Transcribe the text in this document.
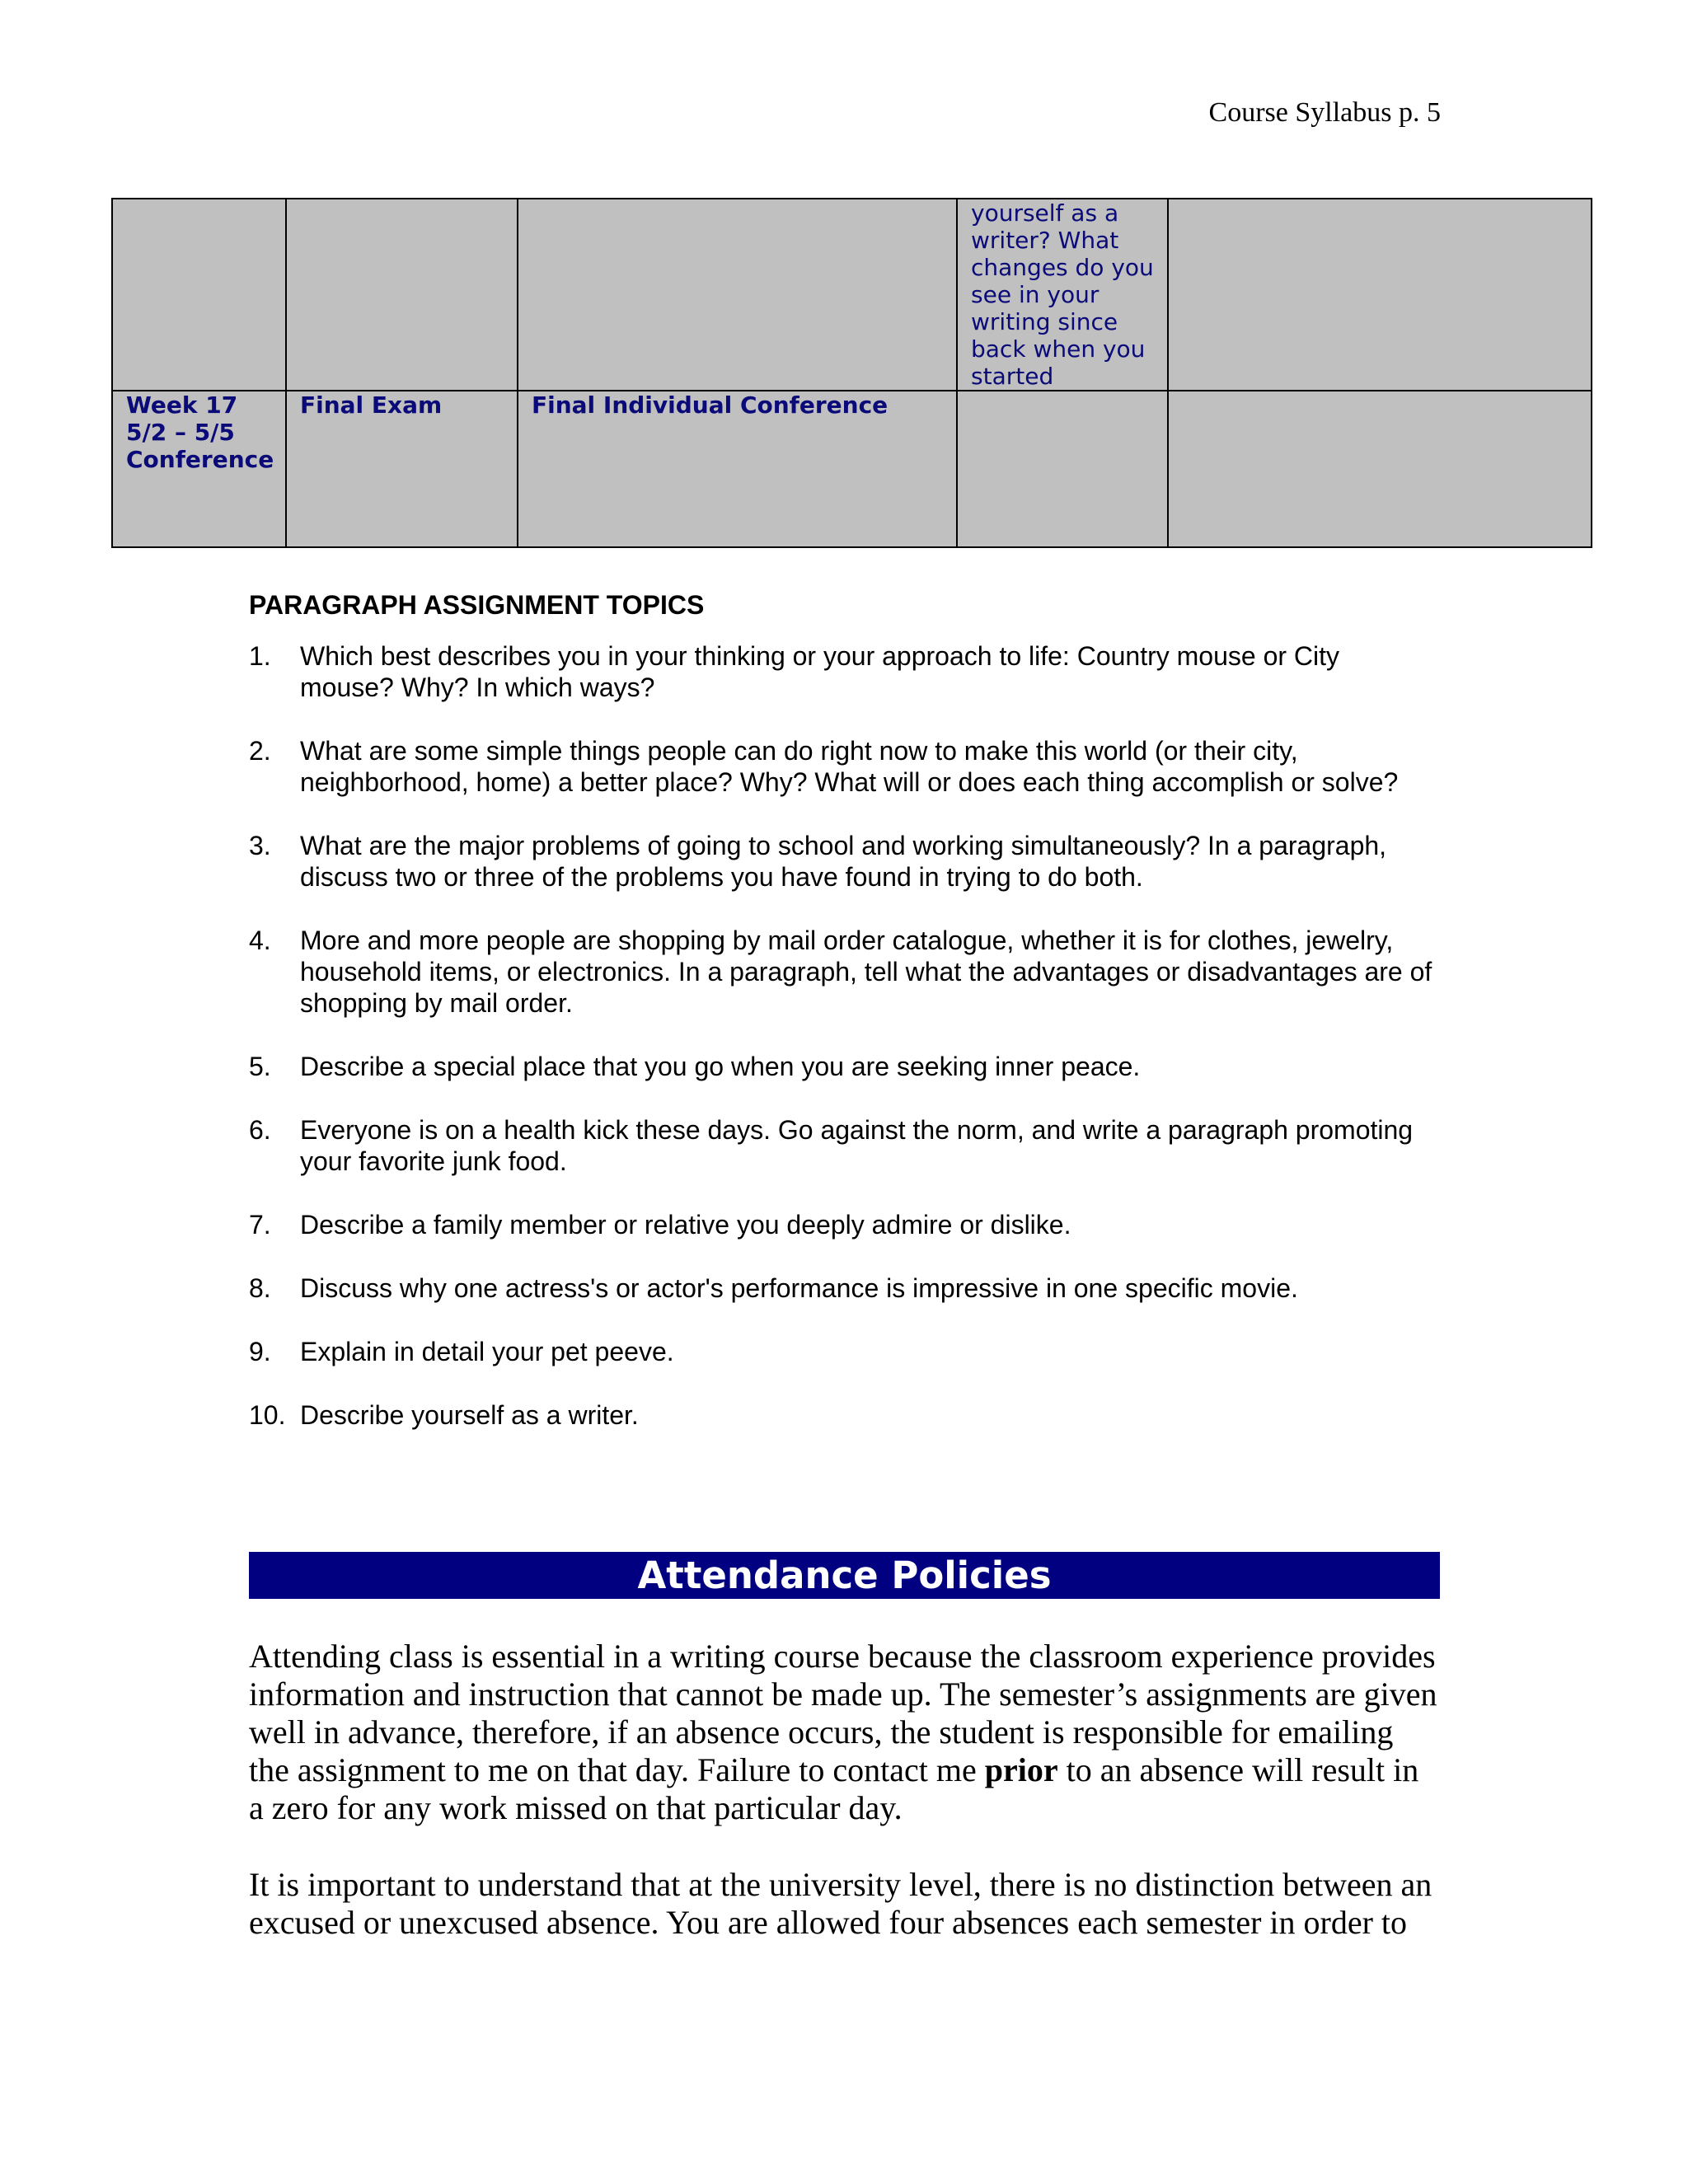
Course Syllabus p. 5

			yourself as a writer? What changes do you see in your writing since back when you started	

Week 17
5/2 – 5/5
Conference	Final Exam	Final Individual Conference		

PARAGRAPH ASSIGNMENT TOPICS
1. Which best describes you in your thinking or your approach to life: Country mouse or City mouse? Why? In which ways?
2. What are some simple things people can do right now to make this world (or their city, neighborhood, home) a better place? Why? What will or does each thing accomplish or solve?
3. What are the major problems of going to school and working simultaneously? In a paragraph, discuss two or three of the problems you have found in trying to do both.
4. More and more people are shopping by mail order catalogue, whether it is for clothes, jewelry, household items, or electronics. In a paragraph, tell what the advantages or disadvantages are of shopping by mail order.
5. Describe a special place that you go when you are seeking inner peace.
6. Everyone is on a health kick these days. Go against the norm, and write a paragraph promoting your favorite junk food.
7. Describe a family member or relative you deeply admire or dislike.
8. Discuss why one actress's or actor's performance is impressive in one specific movie.
9. Explain in detail your pet peeve.
10. Describe yourself as a writer.
Attendance Policies

Attending class is essential in a writing course because the classroom experience provides information and instruction that cannot be made up. The semester’s assignments are given well in advance, therefore, if an absence occurs, the student is responsible for emailing the assignment to me on that day. Failure to contact me prior to an absence will result in a zero for any work missed on that particular day.

It is important to understand that at the university level, there is no distinction between an excused or unexcused absence. You are allowed four absences each semester in order to
